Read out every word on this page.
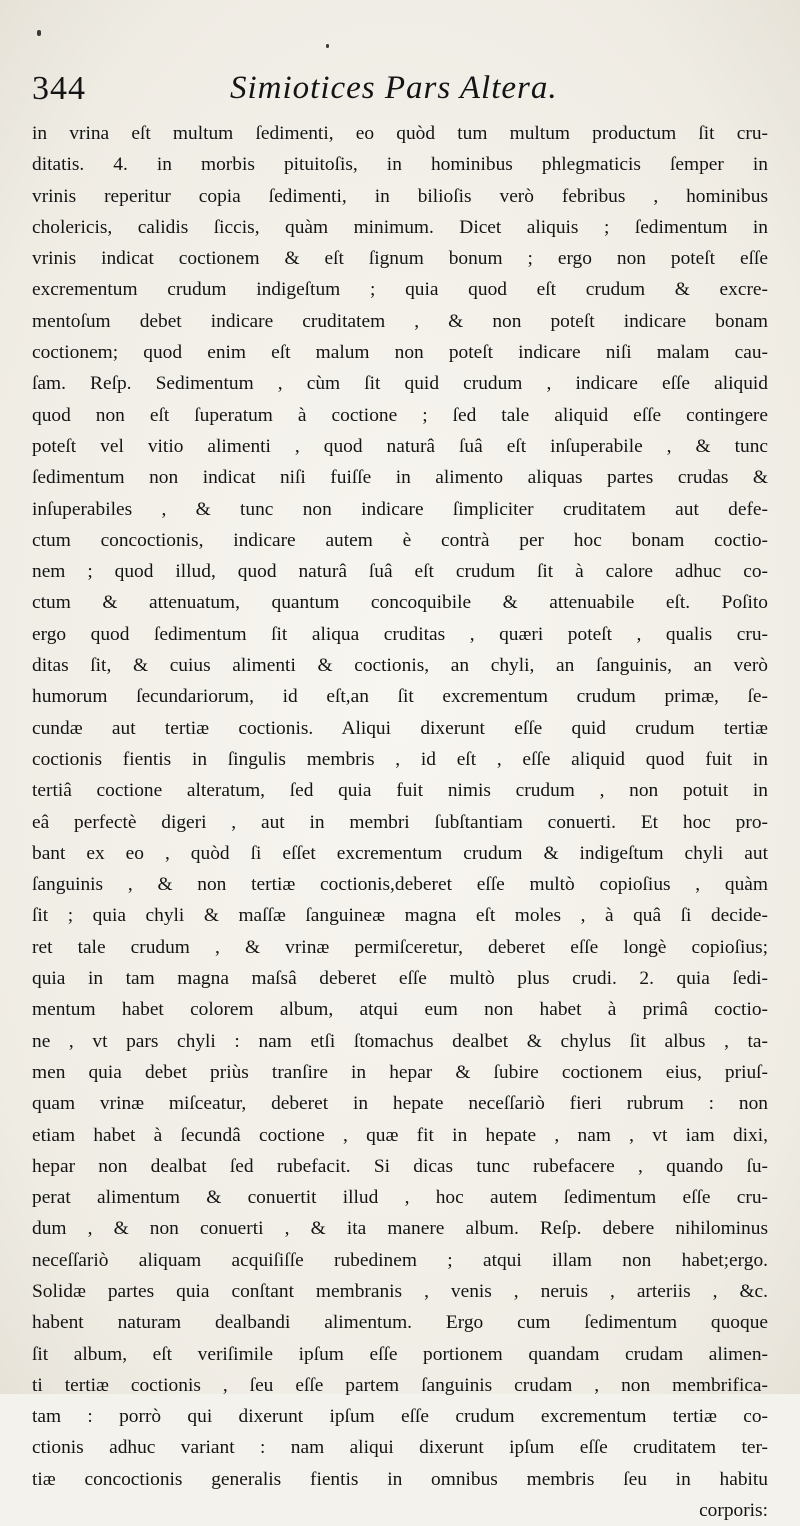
344	Simiotices Pars Altera.
in vrina eſt multum ſedimenti, eo quòd tum multum productum ſit cru-
ditatis. 4. in morbis pituitoſis, in hominibus phlegmaticis ſemper in
vrinis reperitur copia ſedimenti, in bilioſis verò febribus , hominibus
cholericis, calidis ſiccis, quàm minimum. Dicet aliquis ; ſedimentum in
vrinis indicat coctionem & eſt ſignum bonum ; ergo non poteſt eſſe
excrementum crudum indigeſtum ; quia quod eſt crudum & excre-
mentoſum debet indicare cruditatem , & non poteſt indicare bonam
coctionem; quod enim eſt malum non poteſt indicare niſi malam cau-
ſam. Reſp. Sedimentum , cùm ſit quid crudum , indicare eſſe aliquid
quod non eſt ſuperatum à coctione ; ſed tale aliquid eſſe contingere
poteſt vel vitio alimenti , quod naturâ ſuâ eſt inſuperabile , & tunc
ſedimentum non indicat niſi fuiſſe in alimento aliquas partes crudas &
inſuperabiles , & tunc non indicare ſimpliciter cruditatem aut defe-
ctum concoctionis, indicare autem è contrà per hoc bonam coctio-
nem ; quod illud, quod naturâ ſuâ eſt crudum ſit à calore adhuc co-
ctum & attenuatum, quantum concoquibile & attenuabile eſt. Poſito
ergo quod ſedimentum ſit aliqua cruditas , quæri poteſt , qualis cru-
ditas ſit, & cuius alimenti & coctionis, an chyli, an ſanguinis, an verò
humorum ſecundariorum, id eſt,an ſit excrementum crudum primæ, ſe-
cundæ aut tertiæ coctionis. Aliqui dixerunt eſſe quid crudum tertiæ
coctionis fientis in ſingulis membris , id eſt , eſſe aliquid quod fuit in
tertiâ coctione alteratum, ſed quia fuit nimis crudum , non potuit in
eâ perfectè digeri , aut in membri ſubſtantiam conuerti. Et hoc pro-
bant ex eo , quòd ſi eſſet excrementum crudum & indigeſtum chyli aut
ſanguinis , & non tertiæ coctionis,deberet eſſe multò copioſius , quàm
ſit ; quia chyli & maſſæ ſanguineæ magna eſt moles , à quâ ſi decide-
ret tale crudum , & vrinæ permiſceretur, deberet eſſe longè copioſius;
quia in tam magna maſsâ deberet eſſe multò plus crudi. 2. quia ſedi-
mentum habet colorem album, atqui eum non habet à primâ coctio-
ne , vt pars chyli : nam etſi ſtomachus dealbet & chylus ſit albus , ta-
men quia debet priùs tranſire in hepar & ſubire coctionem eius, priuſ-
quam vrinæ miſceatur, deberet in hepate neceſſariò fieri rubrum : non
etiam habet à ſecundâ coctione , quæ fit in hepate , nam , vt iam dixi,
hepar non dealbat ſed rubefacit. Si dicas tunc rubefacere , quando ſu-
perat alimentum & conuertit illud , hoc autem ſedimentum eſſe cru-
dum , & non conuerti , & ita manere album. Reſp. debere nihilominus
neceſſariò aliquam acquiſiſſe rubedinem ; atqui illam non habet;ergo.
Solidæ partes quia conſtant membranis , venis , neruis , arteriis , &c.
habent naturam dealbandi alimentum. Ergo cum ſedimentum quoque
ſit album, eſt veriſimile ipſum eſſe portionem quandam crudam alimen-
ti tertiæ coctionis , ſeu eſſe partem ſanguinis crudam , non membrifica-
tam : porrò qui dixerunt ipſum eſſe crudum excrementum tertiæ co-
ctionis adhuc variant : nam aliqui dixerunt ipſum eſſe cruditatem ter-
tiæ concoctionis generalis fientis in omnibus membris ſeu in habitu
corporis:
